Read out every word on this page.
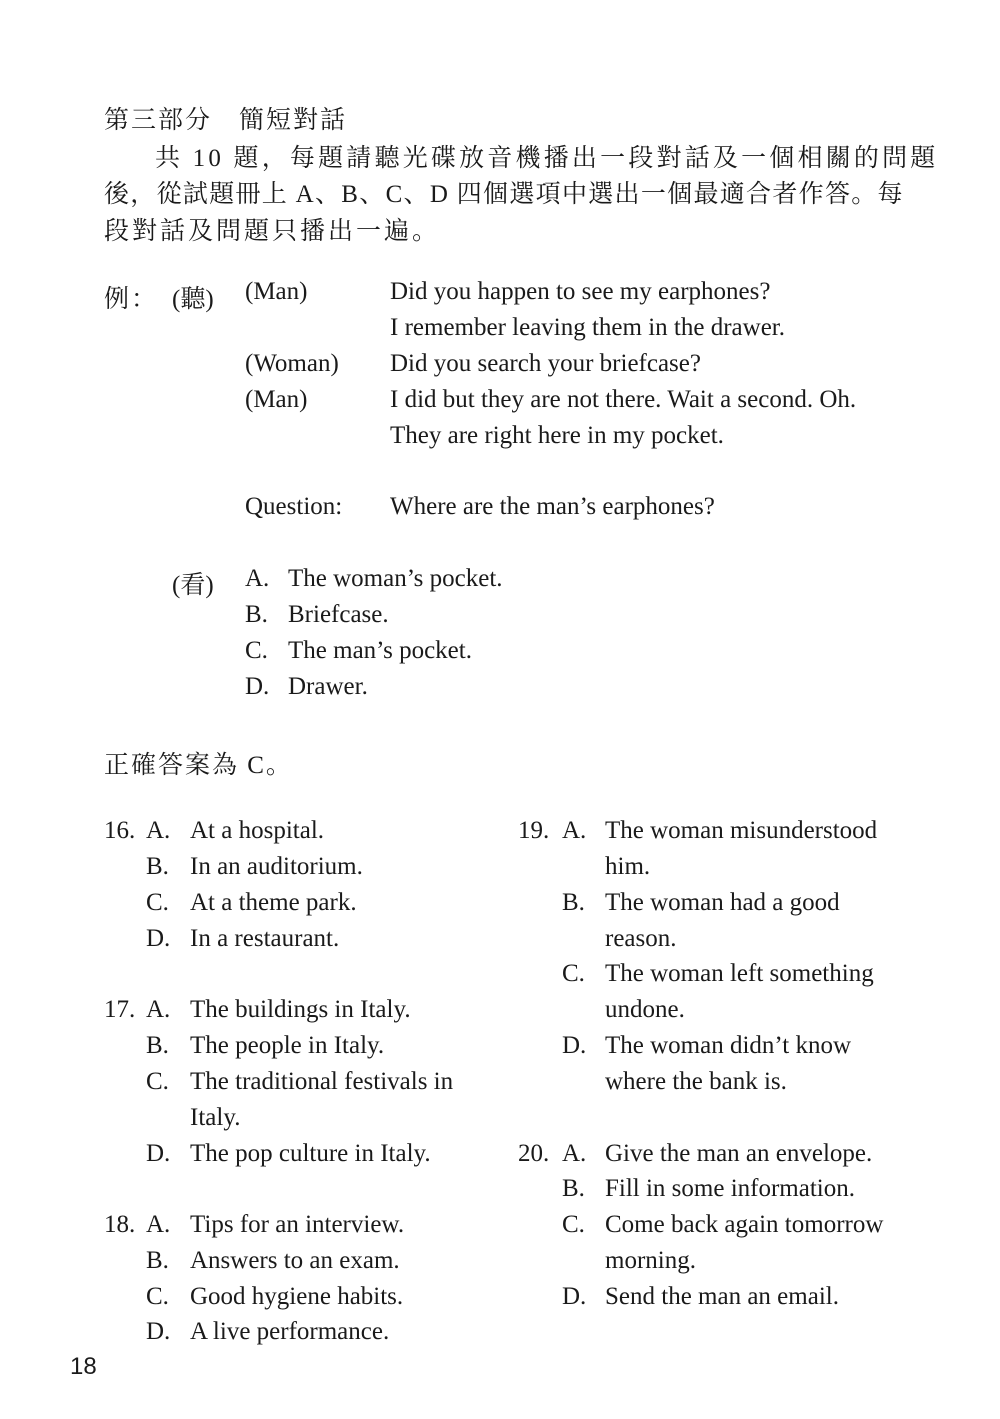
第三部分　簡短對話
共 10 題，每題請聽光碟放音機播出一段對話及一個相關的問題
後，從試題冊上 A、B、C、D 四個選項中選出一個最適合者作答。每
段對話及問題只播出一遍。
例： (聽) (Man)	Did you happen to see my earphones?
I remember leaving them in the drawer.
(Woman) Did you search your briefcase?
(Man)	I did but they are not there. Wait a second. Oh.
They are right here in my pocket.
Question: Where are the man’s earphones?
(看) A. The woman’s pocket.
B. Briefcase.
C. The man’s pocket.
D. Drawer.
正確答案為 C。
16. A. At a hospital.
B. In an auditorium.
C. At a theme park.
D. In a restaurant.
17. A. The buildings in Italy.
B. The people in Italy.
C. The traditional festivals in
Italy.
D. The pop culture in Italy.
18. A. Tips for an interview.
B. Answers to an exam.
C. Good hygiene habits.
D. A live performance.
19. A. The woman misunderstood
him.
B. The woman had a good
reason.
C. The woman left something
undone.
D. The woman didn’t know
where the bank is.
20. A. Give the man an envelope.
B. Fill in some information.
C. Come back again tomorrow
morning.
D. Send the man an email.
18
